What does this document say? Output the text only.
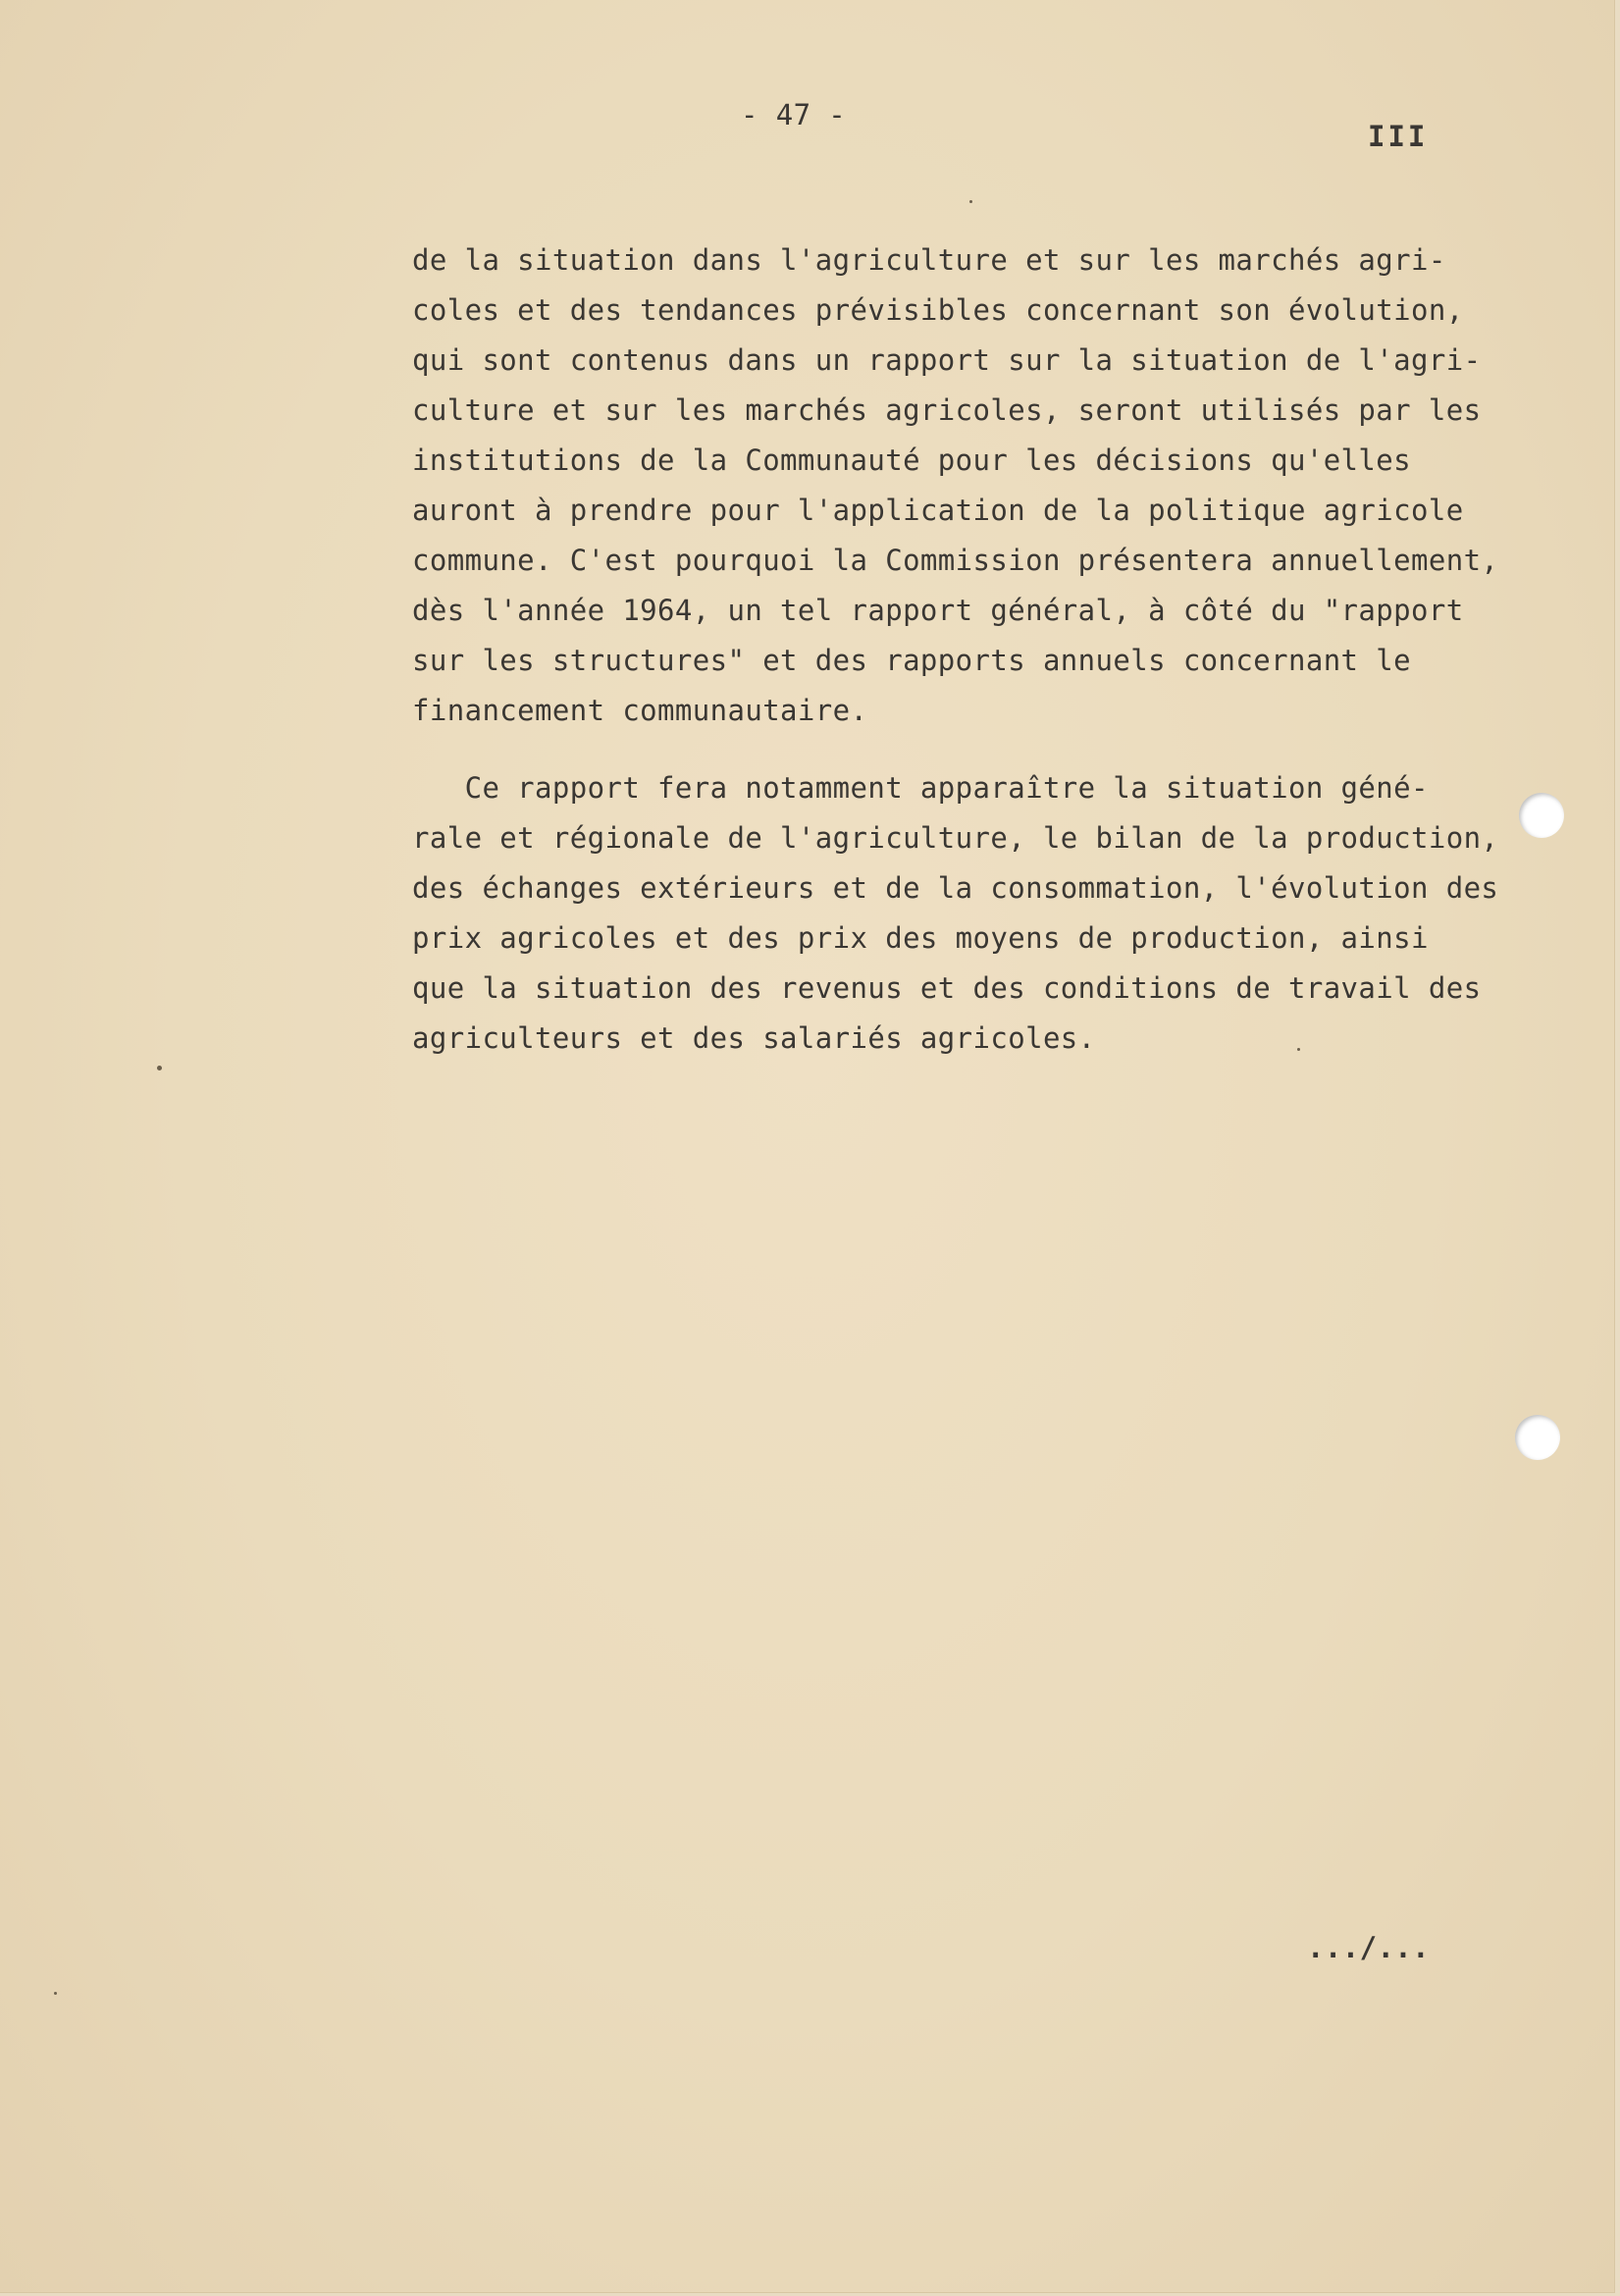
- 47 -
III
de la situation dans l'agriculture et sur les marchés agri-
coles et des tendances prévisibles concernant son évolution,
qui sont contenus dans un rapport sur la situation de l'agri-
culture et sur les marchés agricoles, seront utilisés par les
institutions de la Communauté pour les décisions qu'elles
auront à prendre pour l'application de la politique agricole
commune. C'est pourquoi la Commission présentera annuellement,
dès l'année 1964, un tel rapport général, à côté du "rapport
sur les structures" et des rapports annuels concernant le
financement communautaire.
Ce rapport fera notamment apparaître la situation géné-
rale et régionale de l'agriculture, le bilan de la production,
des échanges extérieurs et de la consommation, l'évolution des
prix agricoles et des prix des moyens de production, ainsi
que la situation des revenus et des conditions de travail des
agriculteurs et des salariés agricoles.
.../...
